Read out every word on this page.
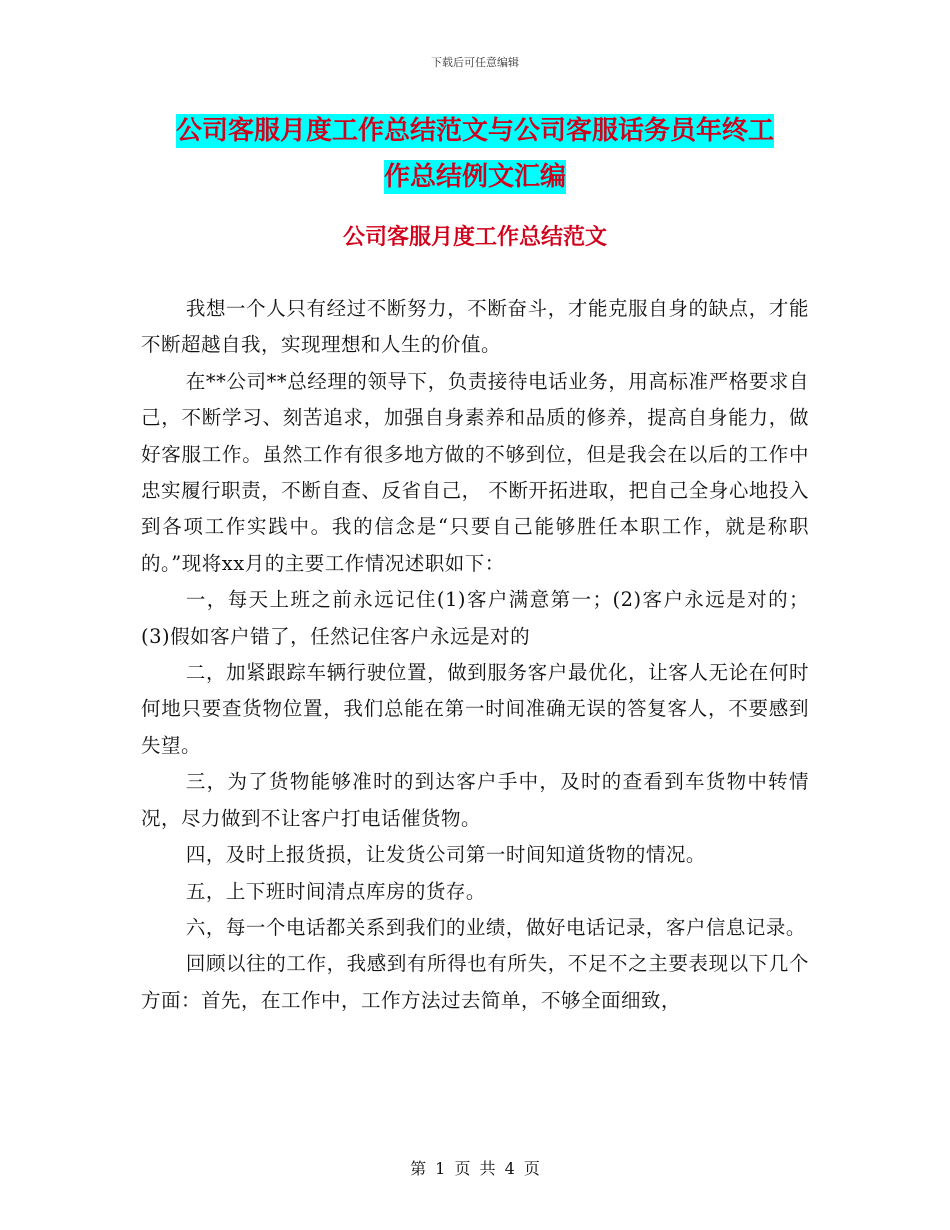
下载后可任意编辑
公司客服月度工作总结范文与公司客服话务员年终工
作总结例文汇编
公司客服月度工作总结范文

我想一个人只有经过不断努力，不断奋斗，才能克服自身的缺点，才能不断超越自我，实现理想和人生的价值。

在**公司**总经理的领导下，负责接待电话业务，用高标准严格要求自己，不断学习、刻苦追求，加强自身素养和品质的修养，提高自身能力，做好客服工作。虽然工作有很多地方做的不够到位，但是我会在以后的工作中忠实履行职责，不断自查、反省自己， 不断开拓进取，把自己全身心地投入到各项工作实践中。我的信念是“只要自己能够胜任本职工作，就是称职的。”现将xx月的主要工作情况述职如下：

一，每天上班之前永远记住(1)客户满意第一；(2)客户永远是对的；(3)假如客户错了，任然记住客户永远是对的

二，加紧跟踪车辆行驶位置，做到服务客户最优化，让客人无论在何时何地只要查货物位置，我们总能在第一时间准确无误的答复客人，不要感到失望。

三，为了货物能够准时的到达客户手中，及时的查看到车货物中转情况，尽力做到不让客户打电话催货物。

四，及时上报货损，让发货公司第一时间知道货物的情况。

五，上下班时间清点库房的货存。

六，每一个电话都关系到我们的业绩，做好电话记录，客户信息记录。

回顾以往的工作，我感到有所得也有所失，不足不之主要表现以下几个方面：首先，在工作中，工作方法过去简单，不够全面细致，

第 1 页 共 4 页
